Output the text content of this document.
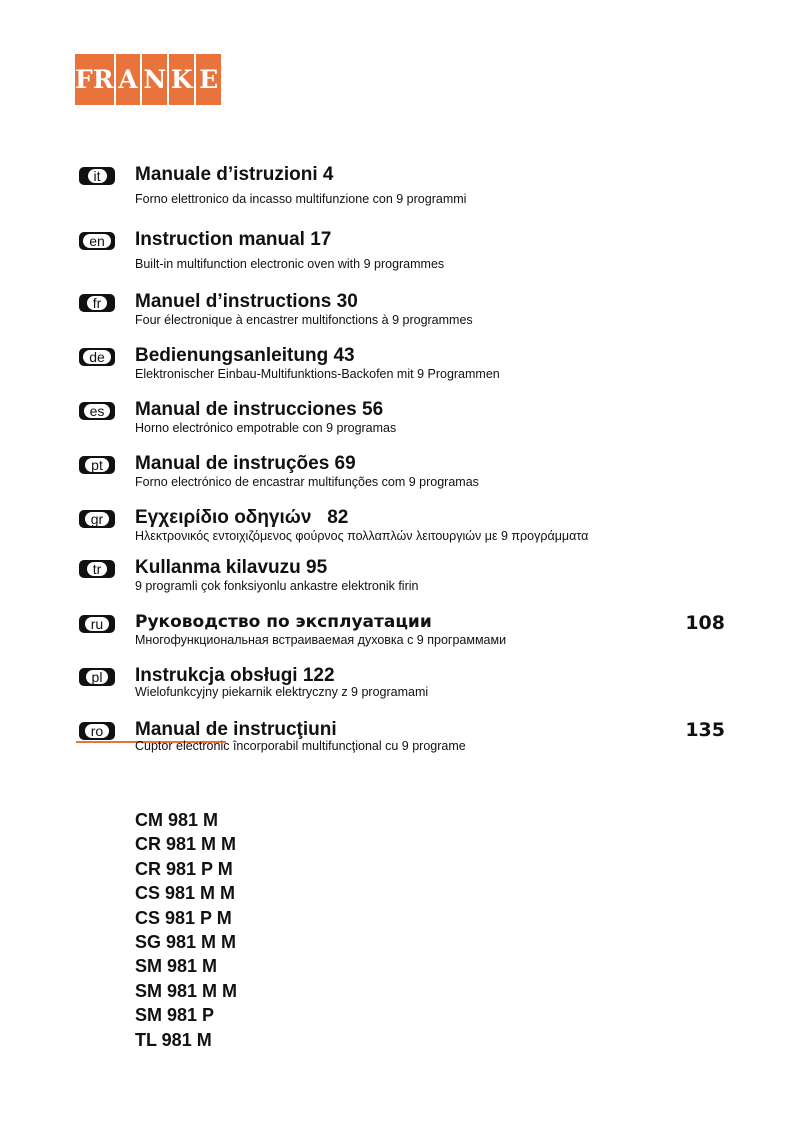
FR A N K E
it	Manuale d’istruzioni 4
Forno elettronico da incasso multifunzione con 9 programmi
en	Instruction manual 17
Built-in multifunction electronic oven with 9 programmes
fr	Manuel d’instructions 30
Four électronique à encastrer multifonctions à 9 programmes
de	Bedienungsanleitung 43
Elektronischer Einbau-Multifunktions-Backofen mit 9 Programmen
es	Manual de instrucciones 56
Horno electrónico empotrable con 9 programas
pt	Manual de instruções 69
Forno electrónico de encastrar multifunções com 9 programas
gr	Εγχειρίδιο οδηγιών   82
Ηλεκτρονικός εντοιχιζόμενος φούρνος πολλαπλών λειτουργιών με 9 προγράμματα
tr	Kullanma kilavuzu 95
9 programli çok fonksiyonlu ankastre elektronik firin
ru	Руководство по эксплуатации	108
Многофункциональная встраиваемая духовка с 9 программами
pl	Instrukcja obsługi 122
Wielofunkcyjny piekarnik elektryczny z 9 programami
ro	Manual de instrucţiuni	135
Cuptor electronic încorporabil multifuncţional cu 9 programe
CM 981 M
CR 981 M M
CR 981 P M
CS 981 M M
CS 981 P M
SG 981 M M
SM 981 M
SM 981 M M
SM 981 P
TL 981 M
